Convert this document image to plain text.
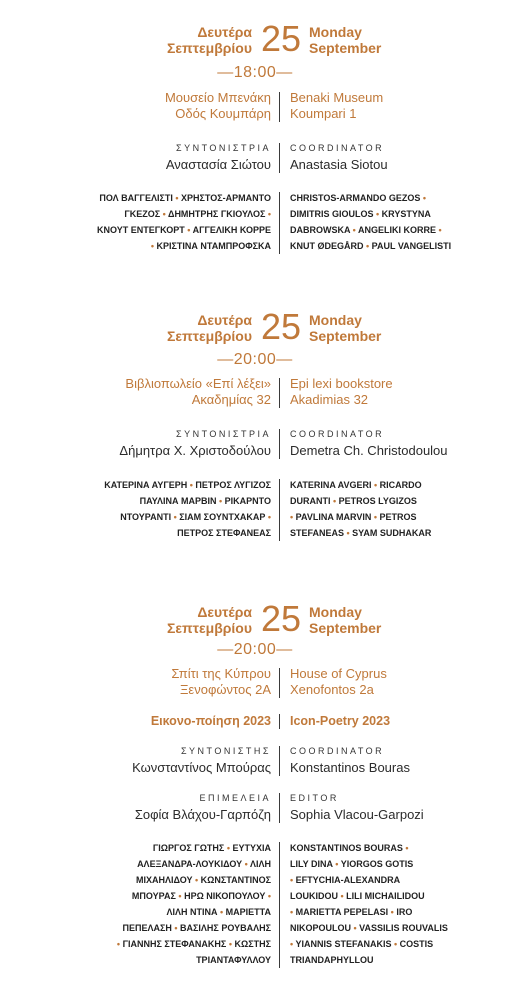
Δευτέρα
Σεπτεμβρίου 25 Monday
September
—18:00—
Μουσείο Μπενάκη
Οδός Κουμπάρη
Benaki Museum
Koumpari 1
ΣΥΝΤΟΝΙΣΤΡΙΑ
Αναστασία Σιώτου
COORDINATOR
Anastasia Siotou
ΠΟΛ ΒΑΓΓΕΛΙΣΤΙ • ΧΡΗΣΤΟΣ-ΑΡΜΑΝΤΟ
ΓΚΕΖΟΣ • ΔΗΜΗΤΡΗΣ ΓΚΙΟΥΛΟΣ •
ΚΝΟΥΤ ΕΝΤΕΓΚΟΡΤ • ΑΓΓΕΛΙΚΗ ΚΟΡΡΕ
• ΚΡΙΣΤΙΝΑ ΝΤΑΜΠΡΟΦΣΚΑ
CHRISTOS-ARMANDO GEZOS •
DIMITRIS GIOULOS • KRYSTYNA
DABROWSKA • ANGELIKI KORRE •
KNUT ØDEGÅRD • PAUL VANGELISTI
Δευτέρα
Σεπτεμβρίου 25 Monday
September
—20:00—
Βιβλιοπωλείο «Επί λέξει»
Ακαδημίας 32
Epi lexi bookstore
Akadimias 32
ΣΥΝΤΟΝΙΣΤΡΙΑ
Δήμητρα Χ. Χριστοδούλου
COORDINATOR
Demetra Ch. Christodoulou
ΚΑΤΕΡΙΝΑ ΑΥΓΕΡΗ • ΠΕΤΡΟΣ ΛΥΓΙΖΟΣ
ΠΑΥΛΙΝΑ ΜΑΡΒΙΝ • ΡΙΚΑΡΝΤΟ
ΝΤΟΥΡΑΝΤΙ • ΣΙΑΜ ΣΟΥΝΤΧΑΚΑΡ •
ΠΕΤΡΟΣ ΣΤΕΦΑΝΕΑΣ
KATERINA AVGERI • RICARDO
DURANTI • PETROS LYGIZOS
• PAVLINA MARVIN • PETROS
STEFANEAS • SYAM SUDHAKAR
Δευτέρα
Σεπτεμβρίου 25 Monday
September
—20:00—
Σπίτι της Κύπρου
Ξενοφώντος 2Α
House of Cyprus
Xenofontos 2a
Εικονο-ποίηση 2023 Icon-Poetry 2023
ΣΥΝΤΟΝΙΣΤΗΣ
Κωνσταντίνος Μπούρας
COORDINATOR
Konstantinos Bouras
ΕΠΙΜΕΛΕΙΑ
Σοφία Βλάχου-Γαρπόζη
EDITOR
Sophia Vlacou-Garpozi
ΓΙΩΡΓΟΣ ΓΩΤΗΣ • ΕΥΤΥΧΙΑ
ΑΛΕΞΑΝΔΡΑ-ΛΟΥΚΙΔΟΥ • ΛΙΛΗ
ΜΙΧΑΗΛΙΔΟΥ • ΚΩΝΣΤΑΝΤΙΝΟΣ
ΜΠΟΥΡΑΣ • ΗΡΩ ΝΙΚΟΠΟΥΛΟΥ •
ΛΙΛΗ ΝΤΙΝΑ • ΜΑΡΙΕΤΤΑ
ΠΕΠΕΛΑΣΗ • ΒΑΣΙΛΗΣ ΡΟΥΒΑΛΗΣ
• ΓΙΑΝΝΗΣ ΣΤΕΦΑΝΑΚΗΣ • ΚΩΣΤΗΣ
ΤΡΙΑΝΤΑΦΥΛΛΟΥ
KONSTANTINOS BOURAS •
LILY DINA • YIORGOS GOTIS
• EFTYCHIA-ALEXANDRA
LOUKIDOU • LILI MICHAILIDOU
• MARIETTA PEPELASI • IRO
NIKOPOULOU • VASSILIS ROUVALIS
• YIANNIS STEFANAKIS • COSTIS
TRIANDAPHYLLOU
